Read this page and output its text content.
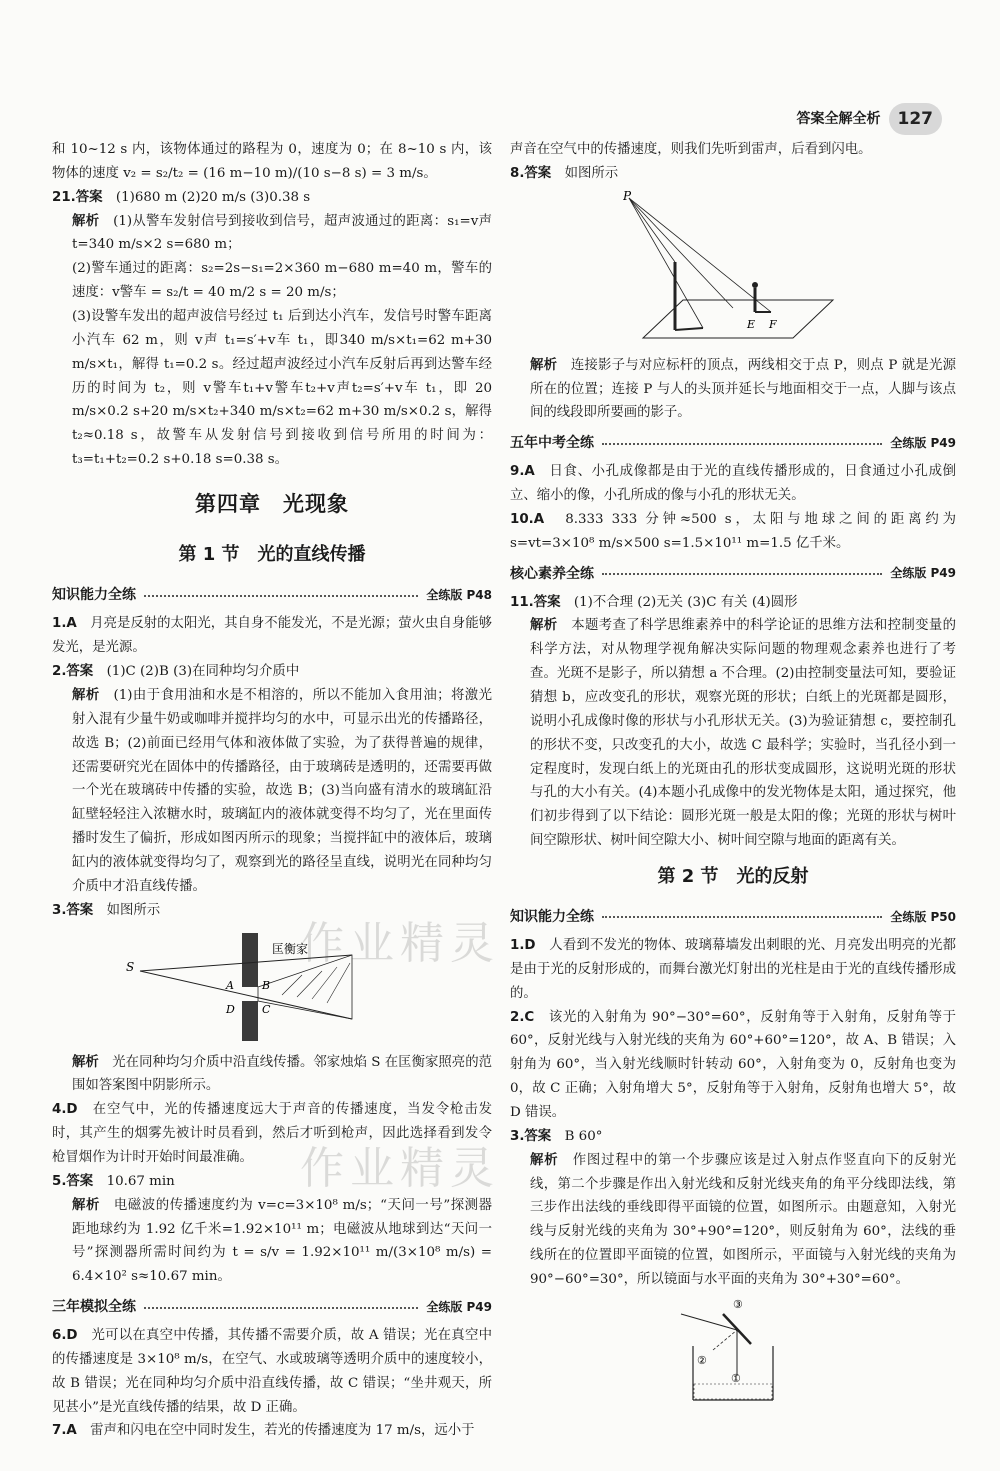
答案全解全析	127
作业精灵
作业精灵

和 10~12 s 内，该物体通过的路程为 0，速度为 0；在 8~10 s 内，该物体的速度 v₂ = s₂/t₂ = (16 m−10 m)/(10 s−8 s) = 3 m/s。

21.答案　 (1)680 m (2)20 m/s (3)0.38 s

解析　 (1)从警车发射信号到接收到信号，超声波通过的距离：s₁=v声 t=340 m/s×2 s=680 m；

(2)警车通过的距离：s₂=2s−s₁=2×360 m−680 m=40 m，警车的速度：v警车 = s₂/t = 40 m/2 s = 20 m/s；

(3)设警车发出的超声波信号经过 t₁ 后到达小汽车，发信号时警车距离小汽车 62 m，则 v声 t₁=s′+v车 t₁，即340 m/s×t₁=62 m+30 m/s×t₁，解得 t₁=0.2 s。经过超声波经过小汽车反射后再到达警车经历的时间为 t₂，则 v警车t₁+v警车t₂+v声t₂=s′+v车 t₁，即 20 m/s×0.2 s+20 m/s×t₂+340 m/s×t₂=62 m+30 m/s×0.2 s，解得 t₂≈0.18 s，故警车从发射信号到接收到信号所用的时间为：t₃=t₁+t₂=0.2 s+0.18 s=0.38 s。

第四章　光现象
第 1 节　光的直线传播
知识能力全练	全练版 P48

1.A　 月亮是反射的太阳光，其自身不能发光，不是光源；萤火虫自身能够发光，是光源。

2.答案　 (1)C (2)B (3)在同种均匀介质中

解析　 (1)由于食用油和水是不相溶的，所以不能加入食用油；将激光射入混有少量牛奶或咖啡并搅拌均匀的水中，可显示出光的传播路径，故选 B；(2)前面已经用气体和液体做了实验，为了获得普遍的规律，还需要研究光在固体中的传播路径，由于玻璃砖是透明的，还需要再做一个光在玻璃砖中传播的实验，故选 B；(3)当向盛有清水的玻璃缸沿缸壁轻轻注入浓糖水时，玻璃缸内的液体就变得不均匀了，光在里面传播时发生了偏折，形成如图丙所示的现象；当搅拌缸中的液体后，玻璃缸内的液体就变得均匀了，观察到光的路径呈直线，说明光在同种均匀介质中才沿直线传播。

3.答案　 如图所示

S
A	B
D C
匡衡家

解析　 光在同种均匀介质中沿直线传播。邻家烛焰 S 在匡衡家照亮的范围如答案图中阴影所示。

4.D　 在空气中，光的传播速度远大于声音的传播速度，当发令枪击发时，其产生的烟雾先被计时员看到，然后才听到枪声，因此选择看到发令枪冒烟作为计时开始时间最准确。

5.答案　 10.67 min

解析　 电磁波的传播速度约为 v=c=3×10⁸ m/s；“天问一号”探测器距地球约为 1.92 亿千米=1.92×10¹¹ m；电磁波从地球到达“天问一号”探测器所需时间约为 t = s/v = 1.92×10¹¹ m/(3×10⁸ m/s) = 6.4×10² s≈10.67 min。

三年模拟全练	全练版 P49

6.D　 光可以在真空中传播，其传播不需要介质，故 A 错误；光在真空中的传播速度是 3×10⁸ m/s，在空气、水或玻璃等透明介质中的速度较小，故 B 错误；光在同种均匀介质中沿直线传播，故 C 错误；“坐井观天，所见甚小”是光直线传播的结果，故 D 正确。

7.A　 雷声和闪电在空中同时发生，若光的传播速度为 17 m/s，远小于

声音在空气中的传播速度，则我们先听到雷声，后看到闪电。

8.答案　 如图所示

P
E F

解析　 连接影子与对应标杆的顶点，两线相交于点 P，则点 P 就是光源所在的位置；连接 P 与人的头顶并延长与地面相交于一点，人脚与该点间的线段即所要画的影子。

五年中考全练	全练版 P49

9.A　 日食、小孔成像都是由于光的直线传播形成的，日食通过小孔成倒立、缩小的像，小孔所成的像与小孔的形状无关。

10.A　 8.333 333 分钟≈500 s，太阳与地球之间的距离约为 s=vt=3×10⁸ m/s×500 s=1.5×10¹¹ m=1.5 亿千米。

核心素养全练	全练版 P49

11.答案　 (1)不合理 (2)无关 (3)C 有关 (4)圆形

解析　 本题考查了科学思维素养中的科学论证的思维方法和控制变量的科学方法，对从物理学视角解决实际问题的物理观念素养也进行了考查。光斑不是影子，所以猜想 a 不合理。(2)由控制变量法可知，要验证猜想 b，应改变孔的形状，观察光斑的形状；白纸上的光斑都是圆形，说明小孔成像时像的形状与小孔形状无关。(3)为验证猜想 c，要控制孔的形状不变，只改变孔的大小，故选 C 最科学；实验时，当孔径小到一定程度时，发现白纸上的光斑由孔的形状变成圆形，这说明光斑的形状与孔的大小有关。(4)本题小孔成像中的发光物体是太阳，通过探究，他们初步得到了以下结论：圆形光斑一般是太阳的像；光斑的形状与树叶间空隙形状、树叶间空隙大小、树叶间空隙与地面的距离有关。

第 2 节　光的反射
知识能力全练	全练版 P50

1.D　 人看到不发光的物体、玻璃幕墙发出刺眼的光、月亮发出明亮的光都是由于光的反射形成的，而舞台激光灯射出的光柱是由于光的直线传播形成的。

2.C　 该光的入射角为 90°−30°=60°，反射角等于入射角，反射角等于 60°，反射光线与入射光线的夹角为 60°+60°=120°，故 A、B 错误；入射角为 60°，当入射光线顺时针转动 60°，入射角变为 0，反射角也变为 0，故 C 正确；入射角增大 5°，反射角等于入射角，反射角也增大 5°，故 D 错误。

3.答案　 B 60°

解析　 作图过程中的第一个步骤应该是过入射点作竖直向下的反射光线，第二个步骤是作出入射光线和反射光线夹角的角平分线即法线，第三步作出法线的垂线即得平面镜的位置，如图所示。由题意知，入射光线与反射光线的夹角为 30°+90°=120°，则反射角为 60°，法线的垂线所在的位置即平面镜的位置，如图所示，平面镜与入射光线的夹角为 90°−60°=30°，所以镜面与水平面的夹角为 30°+30°=60°。

③
②
①
